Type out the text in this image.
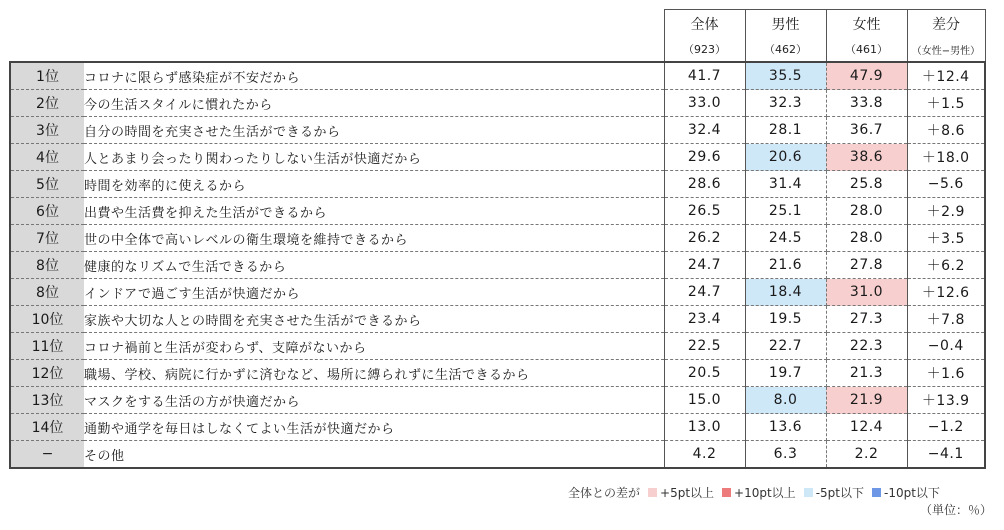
		全体	男性	女性	差分
		（923）	（462）	（461）	（女性−男性）
1位	コロナに限らず感染症が不安だから	41.7	35.5	47.9	＋12.4
2位	今の生活スタイルに慣れたから	33.0	32.3	33.8	＋1.5
3位	自分の時間を充実させた生活ができるから	32.4	28.1	36.7	＋8.6
4位	人とあまり会ったり関わったりしない生活が快適だから	29.6	20.6	38.6	＋18.0
5位	時間を効率的に使えるから	28.6	31.4	25.8	−5.6
6位	出費や生活費を抑えた生活ができるから	26.5	25.1	28.0	＋2.9
7位	世の中全体で高いレベルの衛生環境を維持できるから	26.2	24.5	28.0	＋3.5
8位	健康的なリズムで生活できるから	24.7	21.6	27.8	＋6.2
8位	インドアで過ごす生活が快適だから	24.7	18.4	31.0	＋12.6
10位	家族や大切な人との時間を充実させた生活ができるから	23.4	19.5	27.3	＋7.8
11位	コロナ禍前と生活が変わらず、支障がないから	22.5	22.7	22.3	−0.4
12位	職場、学校、病院に行かずに済むなど、場所に縛られずに生活できるから	20.5	19.7	21.3	＋1.6
13位	マスクをする生活の方が快適だから	15.0	8.0	21.9	＋13.9
14位	通勤や通学を毎日はしなくてよい生活が快適だから	13.0	13.6	12.4	−1.2
−	その他	4.2	6.3	2.2	−4.1
全体との差が +5pt以上 +10pt以上 -5pt以下 -10pt以下
（単位：％）
